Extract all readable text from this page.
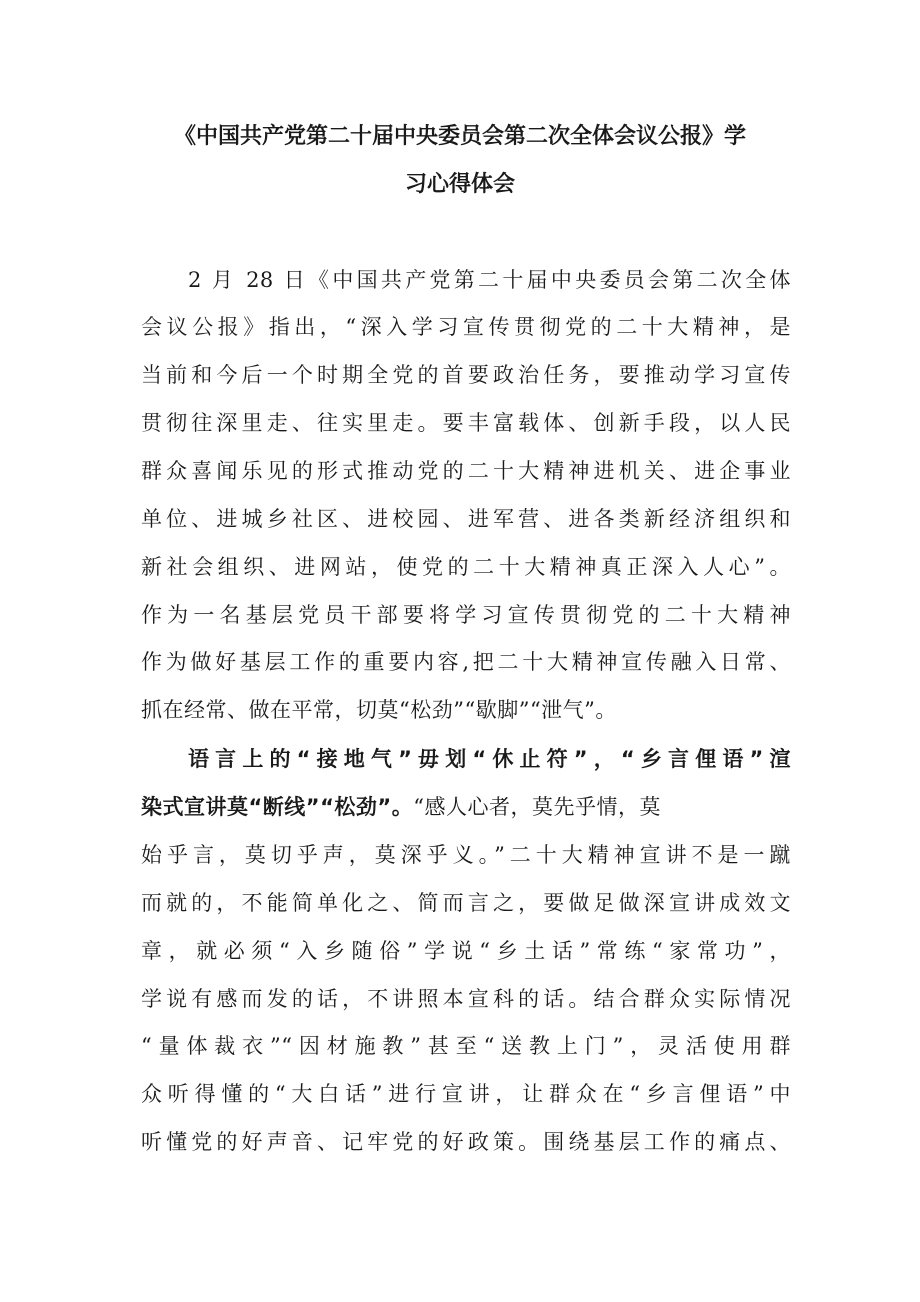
《中国共产党第二十届中央委员会第二次全体会议公报》学
习心得体会
2 月 28 日《中国共产党第二十届中央委员会第二次全体
会议公报》指出，“深入学习宣传贯彻党的二十大精神，是
当前和今后一个时期全党的首要政治任务，要推动学习宣传
贯彻往深里走、往实里走。要丰富载体、创新手段，以人民
群众喜闻乐见的形式推动党的二十大精神进机关、进企事业
单位、进城乡社区、进校园、进军营、进各类新经济组织和
新社会组织、进网站，使党的二十大精神真正深入人心”。
作为一名基层党员干部要将学习宣传贯彻党的二十大精神
作为做好基层工作的重要内容,把二十大精神宣传融入日常、
抓在经常、做在平常，切莫“松劲”“歇脚”“泄气”。
语言上的“接地气”毋划“休止符”，“乡言俚语”渲
染式宣讲莫“断线”“松劲”。“感人心者，莫先乎情，莫
始乎言，莫切乎声，莫深乎义。”二十大精神宣讲不是一蹴
而就的，不能简单化之、简而言之，要做足做深宣讲成效文
章，就必须“入乡随俗”学说“乡土话”常练“家常功”，
学说有感而发的话，不讲照本宣科的话。结合群众实际情况
“量体裁衣”“因材施教”甚至“送教上门”，灵活使用群
众听得懂的“大白话”进行宣讲，让群众在“乡言俚语”中
听懂党的好声音、记牢党的好政策。围绕基层工作的痛点、
